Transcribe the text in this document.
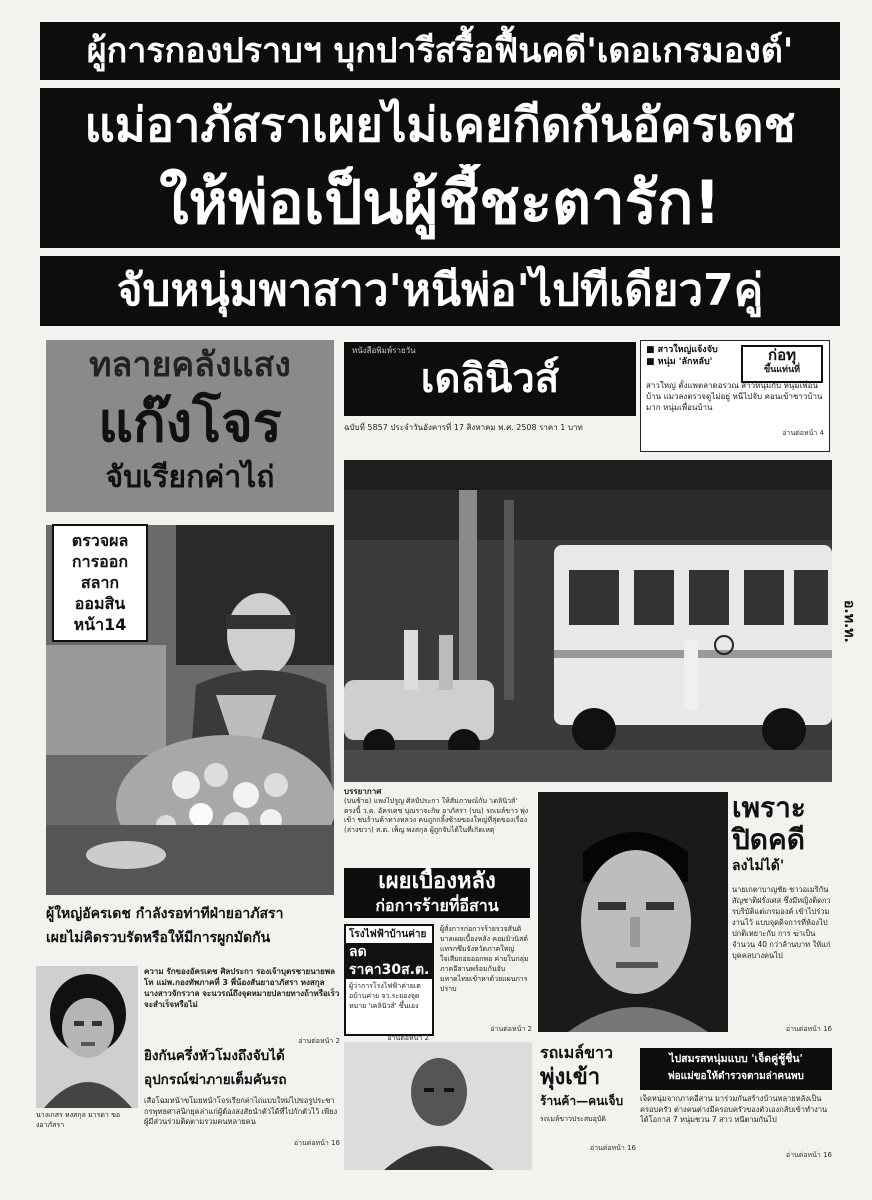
ผู้การกองปราบฯ บุกปารีสรื้อฟื้นคดี'เดอเกรมองต์'
แม่อาภัสราเผยไม่เคยกีดกันอัครเดช
ให้พ่อเป็นผู้ชี้ชะตารัก!
จับหนุ่มพาสาว'หนีพ่อ'ไปทีเดียว7คู่
ทลายคลังแสง
แก๊งโจร
จับเรียกค่าไถ่
ตรวจผล
การออก
สลาก
ออมสิน
หน้า14
หนังสือพิมพ์รายวัน
เดลินิวส์
ฉบับที่ 5857 ประจำวันอังคารที่ 17 สิงหาคม พ.ศ. 2508 ราคา 1 บาท
■ สาวใหญ่แจ้งจับ
■ หนุ่ม 'ลักหลับ'	ก่อทุ
ขึ้นแท่นที่
สาวใหญ่ ตั้งแพตลาดอรวณ สาวหนุ่มกับ หนุ่มเพื่อนบ้าน แมวลงตรวจดูไม่อยู่ หนีไปจับ คอนเข้าชาวบ้านมาก หนุ่มเพื่อนบ้าน
อ่านต่อหน้า 4
อ.ท.ท.
บรรยากาศ
(บนซ้าย) แพงไปรูญ ศิลป์ประกา ให้สัมภาษณ์กับ 'เดลินิวส์' ตรงนี้ ว.ค. อัครเดช บุณราจะกิษ อาภัสรา (บน) รถเมล์ขาว พุ่งเข้า ชนร้านค้าทางหลวง คนถูกกลิ้งซ้ายของใหญ่ที่สุดของเรื่อง (ล่างขวา) ส.ต. เพ็ญ พงสกุล ผู้ถูกจับได้ในที่เกิดเหตุ
เผยเบื้องหลัง
ก่อการร้ายที่อีสาน
โรงไฟฟ้าบ้านค่าย
ลดราคา30ส.ต.
ผู้ว่าการโรงไฟฟ้าค่ายเตอบ้านค่าย จว.ระยองจุดหมาย 'เคลินิวส์' ขึ้นเอง
อ่านต่อหน้า 2
ผู้สั่งการก่อการร้ายรวจสันติบาลเผยเบื้องหลัง คอมมิวนิสต์แทรกซึมจังหวัดภาคใหญ่ ใจเสียถอยออกพอ ค่ายในกลุ่มภาคอีสานพร้อมกันจับมหาดไทยเข้าหาด้วยแผนการปราบ
อ่านต่อหน้า 2
เพราะ
ปิดคดี
ลงไม่ได้'
นายเกตาบาญชัย ชาวอเมริกันสัญชาติฝรั่งเศส ซึ่งมีหญิงติดการบริบัติแต่เกรมองค์ เข้าไปร่วมงานไว้ แบบจุดดิจการที่ห้องไปปกติเหยาะกับ การ ฆ่าเป็นจำนวน 40 กว่าล้านบาท ให้แก่บุคคลบางคนไป
อ่านต่อหน้า 16
ผู้ใหญ่อัครเดช กำลังรอท่าทีฝ่ายอาภัสรา
เผยไม่คิดรวบรัดหรือให้มีการผูกมัดกัน
นางเกสร หงสกุล มารดา ของอาภัสรา
ความ รักของอัครเดช ศิลประกา รองเจ้าบุตรชายนายพลโท แม่พ.กองทัพภาคที่ 3 พี่น้องสันยาอาภัสรา หงสกุล นางสาวจักรวาล จะนวรณ์ถึงจุดหมายปลายทางถ้าหรือเร็ว จะสำเร็จหรือไม่
อ่านต่อหน้า 2
ยิงกันครึ่งหัวโมงถึงจับได้
อุปกรณ์ฆ่าภายเต็มคันรถ
เสือโฉมหน้าขโมยหน้าโจรเรียกค่าไถ่แบบใหม่ไปขอรูประชากรพุทธศาสนิกยุคล่าแก่ผู้ต้องสงสัยนำตัวได้ที่ไปกักตัวไว้ เพียงผู้มีส่วนร่วมติดตามรวมคนหลายคน
อ่านต่อหน้า 16
รถเมล์ขาว
พุ่งเข้า
ร้านค้า—คนเจ็บ
รถเมล์ขาวประสบอุบัติ
อ่านต่อหน้า 16
ไปสมรสหนุ่มแบบ 'เจ็ดคู่ชู้ชื่น'
พ่อแม่ขอให้ตำรวจตามล่าคนพบ
เจ็ดหนุ่มจากภาคอีสาน มาร่วมกันสร้างบ้านหลายหลังเป็นครอบครัว ต่างคนต่างมีครอบครัวของตัวเองกลับเข้าทำงาน ได้โอกาส 7 หนุ่มชวน 7 สาว หนีตามกันไป
อ่านต่อหน้า 16
